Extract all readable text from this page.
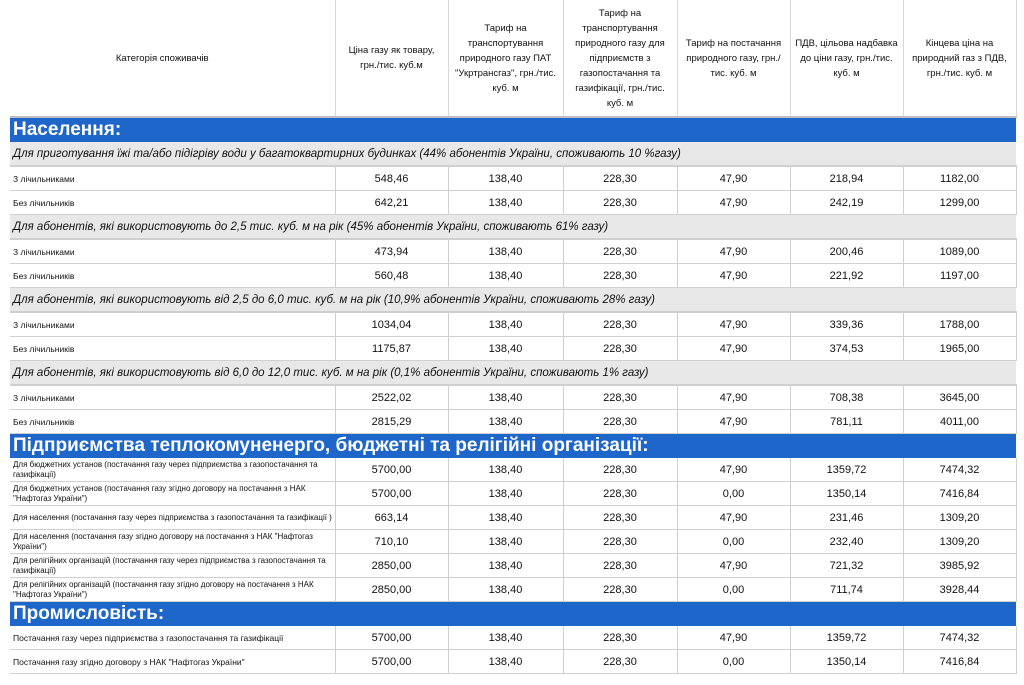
Категорія споживачів	Ціна газу як товару, грн./тис. куб.м	Тариф на транспортування природного газу ПАТ "Укртрансгаз", грн./тис. куб. м	Тариф на транспортування природного газу для підприємств з газопостачання та газифікації, грн./тис. куб. м	Тариф на постачання природного газу, грн./тис. куб. м	ПДВ, цільова надбавка до ціни газу, грн./тис. куб. м	Кінцева ціна на природний газ з ПДВ, грн./тис. куб. м
Населення:						
Для приготування їжі та/або підігріву води у багатоквартирних будинках (44% абонентів України, споживають 10 %газу)						
З лічильниками	548,46	138,40	228,30	47,90	218,94	1182,00
Без лічильників	642,21	138,40	228,30	47,90	242,19	1299,00
Для абонентів, які використовують до 2,5 тис. куб. м на рік (45% абонентів України, споживають 61% газу)						
З лічильниками	473,94	138,40	228,30	47,90	200,46	1089,00
Без лічильників	560,48	138,40	228,30	47,90	221,92	1197,00
Для абонентів, які використовують від 2,5 до 6,0 тис. куб. м на рік (10,9% абонентів України, споживають 28% газу)						
З лічильниками	1034,04	138,40	228,30	47,90	339,36	1788,00
Без лічильників	1175,87	138,40	228,30	47,90	374,53	1965,00
Для абонентів, які використовують від 6,0 до 12,0 тис. куб. м на рік (0,1% абонентів України, споживають 1% газу)						
З лічильниками	2522,02	138,40	228,30	47,90	708,38	3645,00
Без лічильників	2815,29	138,40	228,30	47,90	781,11	4011,00
Підприємства теплокомуненерго, бюджетні та релігійні організації:						
Для бюджетних установ (постачання газу через підприємства з газопостачання та газифікації)	5700,00	138,40	228,30	47,90	1359,72	7474,32
Для бюджетних установ (постачання газу згідно договору на постачання з НАК "Нафтогаз України")	5700,00	138,40	228,30	0,00	1350,14	7416,84
Для населення (постачання газу через підприємства з газопостачання та газифікації )	663,14	138,40	228,30	47,90	231,46	1309,20
Для населення (постачання газу згідно договору на постачання з НАК "Нафтогаз України")	710,10	138,40	228,30	0,00	232,40	1309,20
Для релігійних організацій (постачання газу через підприємства з газопостачання та газифікації)	2850,00	138,40	228,30	47,90	721,32	3985,92
Для релігійних організацій (постачання газу згідно договору на постачання з НАК "Нафтогаз України")	2850,00	138,40	228,30	0,00	711,74	3928,44
Промисловість:						
Постачання газу через підприємства з газопостачання та газифікації	5700,00	138,40	228,30	47,90	1359,72	7474,32
Постачання газу згідно договору з НАК "Нафтогаз України"	5700,00	138,40	228,30	0,00	1350,14	7416,84
